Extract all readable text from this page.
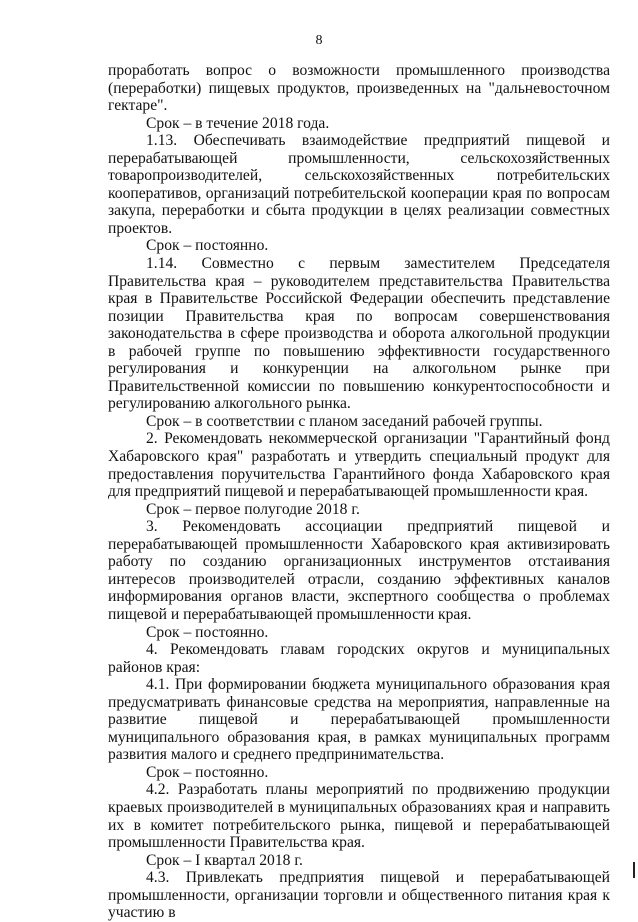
8

проработать вопрос о возможности промышленного производства (переработки) пищевых продуктов, произведенных на "дальневосточном гектаре".

Срок – в течение 2018 года.

1.13. Обеспечивать взаимодействие предприятий пищевой и перерабатывающей промышленности, сельскохозяйственных товаропроизводителей, сельскохозяйственных потребительских кооперативов, организаций потребительской кооперации края по вопросам закупа, переработки и сбыта продукции в целях реализации совместных проектов.

Срок – постоянно.

1.14. Совместно с первым заместителем Председателя Правительства края – руководителем представительства Правительства края в Правительстве Российской Федерации обеспечить представление позиции Правительства края по вопросам совершенствования законодательства в сфере производства и оборота алкогольной продукции в рабочей группе по повышению эффективности государственного регулирования и конкуренции на алкогольном рынке при Правительственной комиссии по повышению конкурентоспособности и регулированию алкогольного рынка.

Срок – в соответствии с планом заседаний рабочей группы.

2. Рекомендовать некоммерческой организации "Гарантийный фонд Хабаровского края" разработать и утвердить специальный продукт для предоставления поручительства Гарантийного фонда Хабаровского края для предприятий пищевой и перерабатывающей промышленности края.

Срок – первое полугодие 2018 г.

3. Рекомендовать ассоциации предприятий пищевой и перерабатывающей промышленности Хабаровского края активизировать работу по созданию организационных инструментов отстаивания интересов производителей отрасли, созданию эффективных каналов информирования органов власти, экспертного сообщества о проблемах пищевой и перерабатывающей промышленности края.

Срок – постоянно.

4. Рекомендовать главам городских округов и муниципальных районов края:

4.1. При формировании бюджета муниципального образования края предусматривать финансовые средства на мероприятия, направленные на развитие пищевой и перерабатывающей промышленности муниципального образования края, в рамках муниципальных программ развития малого и среднего предпринимательства.

Срок – постоянно.

4.2. Разработать планы мероприятий по продвижению продукции краевых производителей в муниципальных образованиях края и направить их в комитет потребительского рынка, пищевой и перерабатывающей промышленности Правительства края.

Срок – I квартал 2018 г.

4.3. Привлекать предприятия пищевой и перерабатывающей промышленности, организации торговли и общественного питания края к участию в
